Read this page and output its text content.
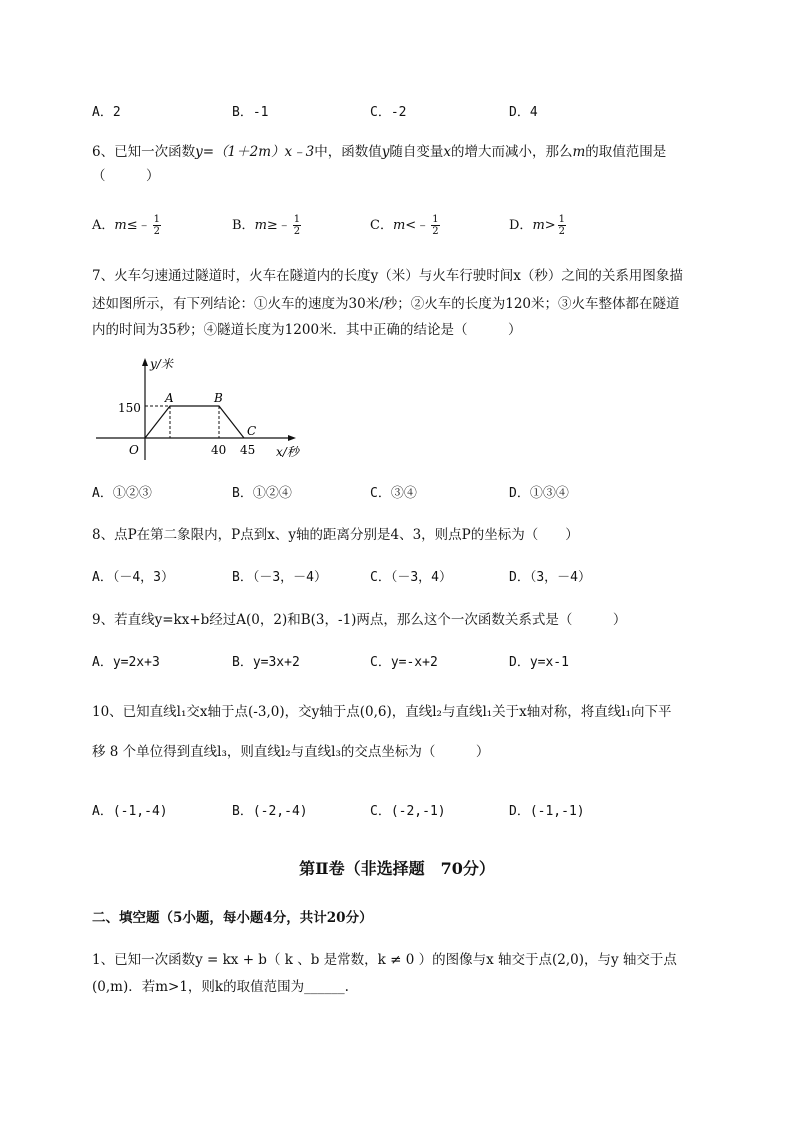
A．2	B．-1	C．-2	D．4
6、已知一次函数y=（1＋2m）x﹣3中，函数值y随自变量x的增大而减小，那么m的取值范围是
（　　　）
A．m≤﹣ $\frac{1}{2}$	B．m≥﹣ $\frac{1}{2}$	C．m<﹣ $\frac{1}{2}$	D．$m> \frac{1}{2}$
7、火车匀速通过隧道时，火车在隧道内的长度y（米）与火车行驶时间x（秒）之间的关系用图象描
述如图所示，有下列结论：①火车的速度为30米/秒；②火车的长度为120米；③火车整体都在隧道
内的时间为35秒；④隧道长度为1200米．其中正确的结论是（　　　）
y/米
x/秒
O
150
40 45
A	B
C
A．①②③	B．①②④	C．③④	D．①③④
8、点P在第二象限内，P点到x、y轴的距离分别是4、3，则点P的坐标为（　　）
A．（－4，3）	B．（－3，－4）	C．（－3，4）	D．（3，－4）
9、若直线y=kx+b经过A(0，2)和B(3，-1)两点，那么这个一次函数关系式是（　　　）
A．y=2x+3	B．y=3x+2	C．y=-x+2	D．y=x-1
10、已知直线l₁交x轴于点(-3,0)，交y轴于点(0,6)，直线l₂与直线l₁关于x轴对称，将直线l₁向下平
移 8 个单位得到直线l₃，则直线l₂与直线l₃的交点坐标为（　　　）
A．(-1,-4)	B．(-2,-4)	C．(-2,-1)	D．(-1,-1)
第Ⅱ卷（非选择题　70分）
二、填空题（5小题，每小题4分，共计20分）
1、已知一次函数y = kx + b（ k 、b 是常数，k ≠ 0 ）的图像与x 轴交于点(2,0)，与y 轴交于点
(0,m)．若m>1，则k的取值范围为______.
